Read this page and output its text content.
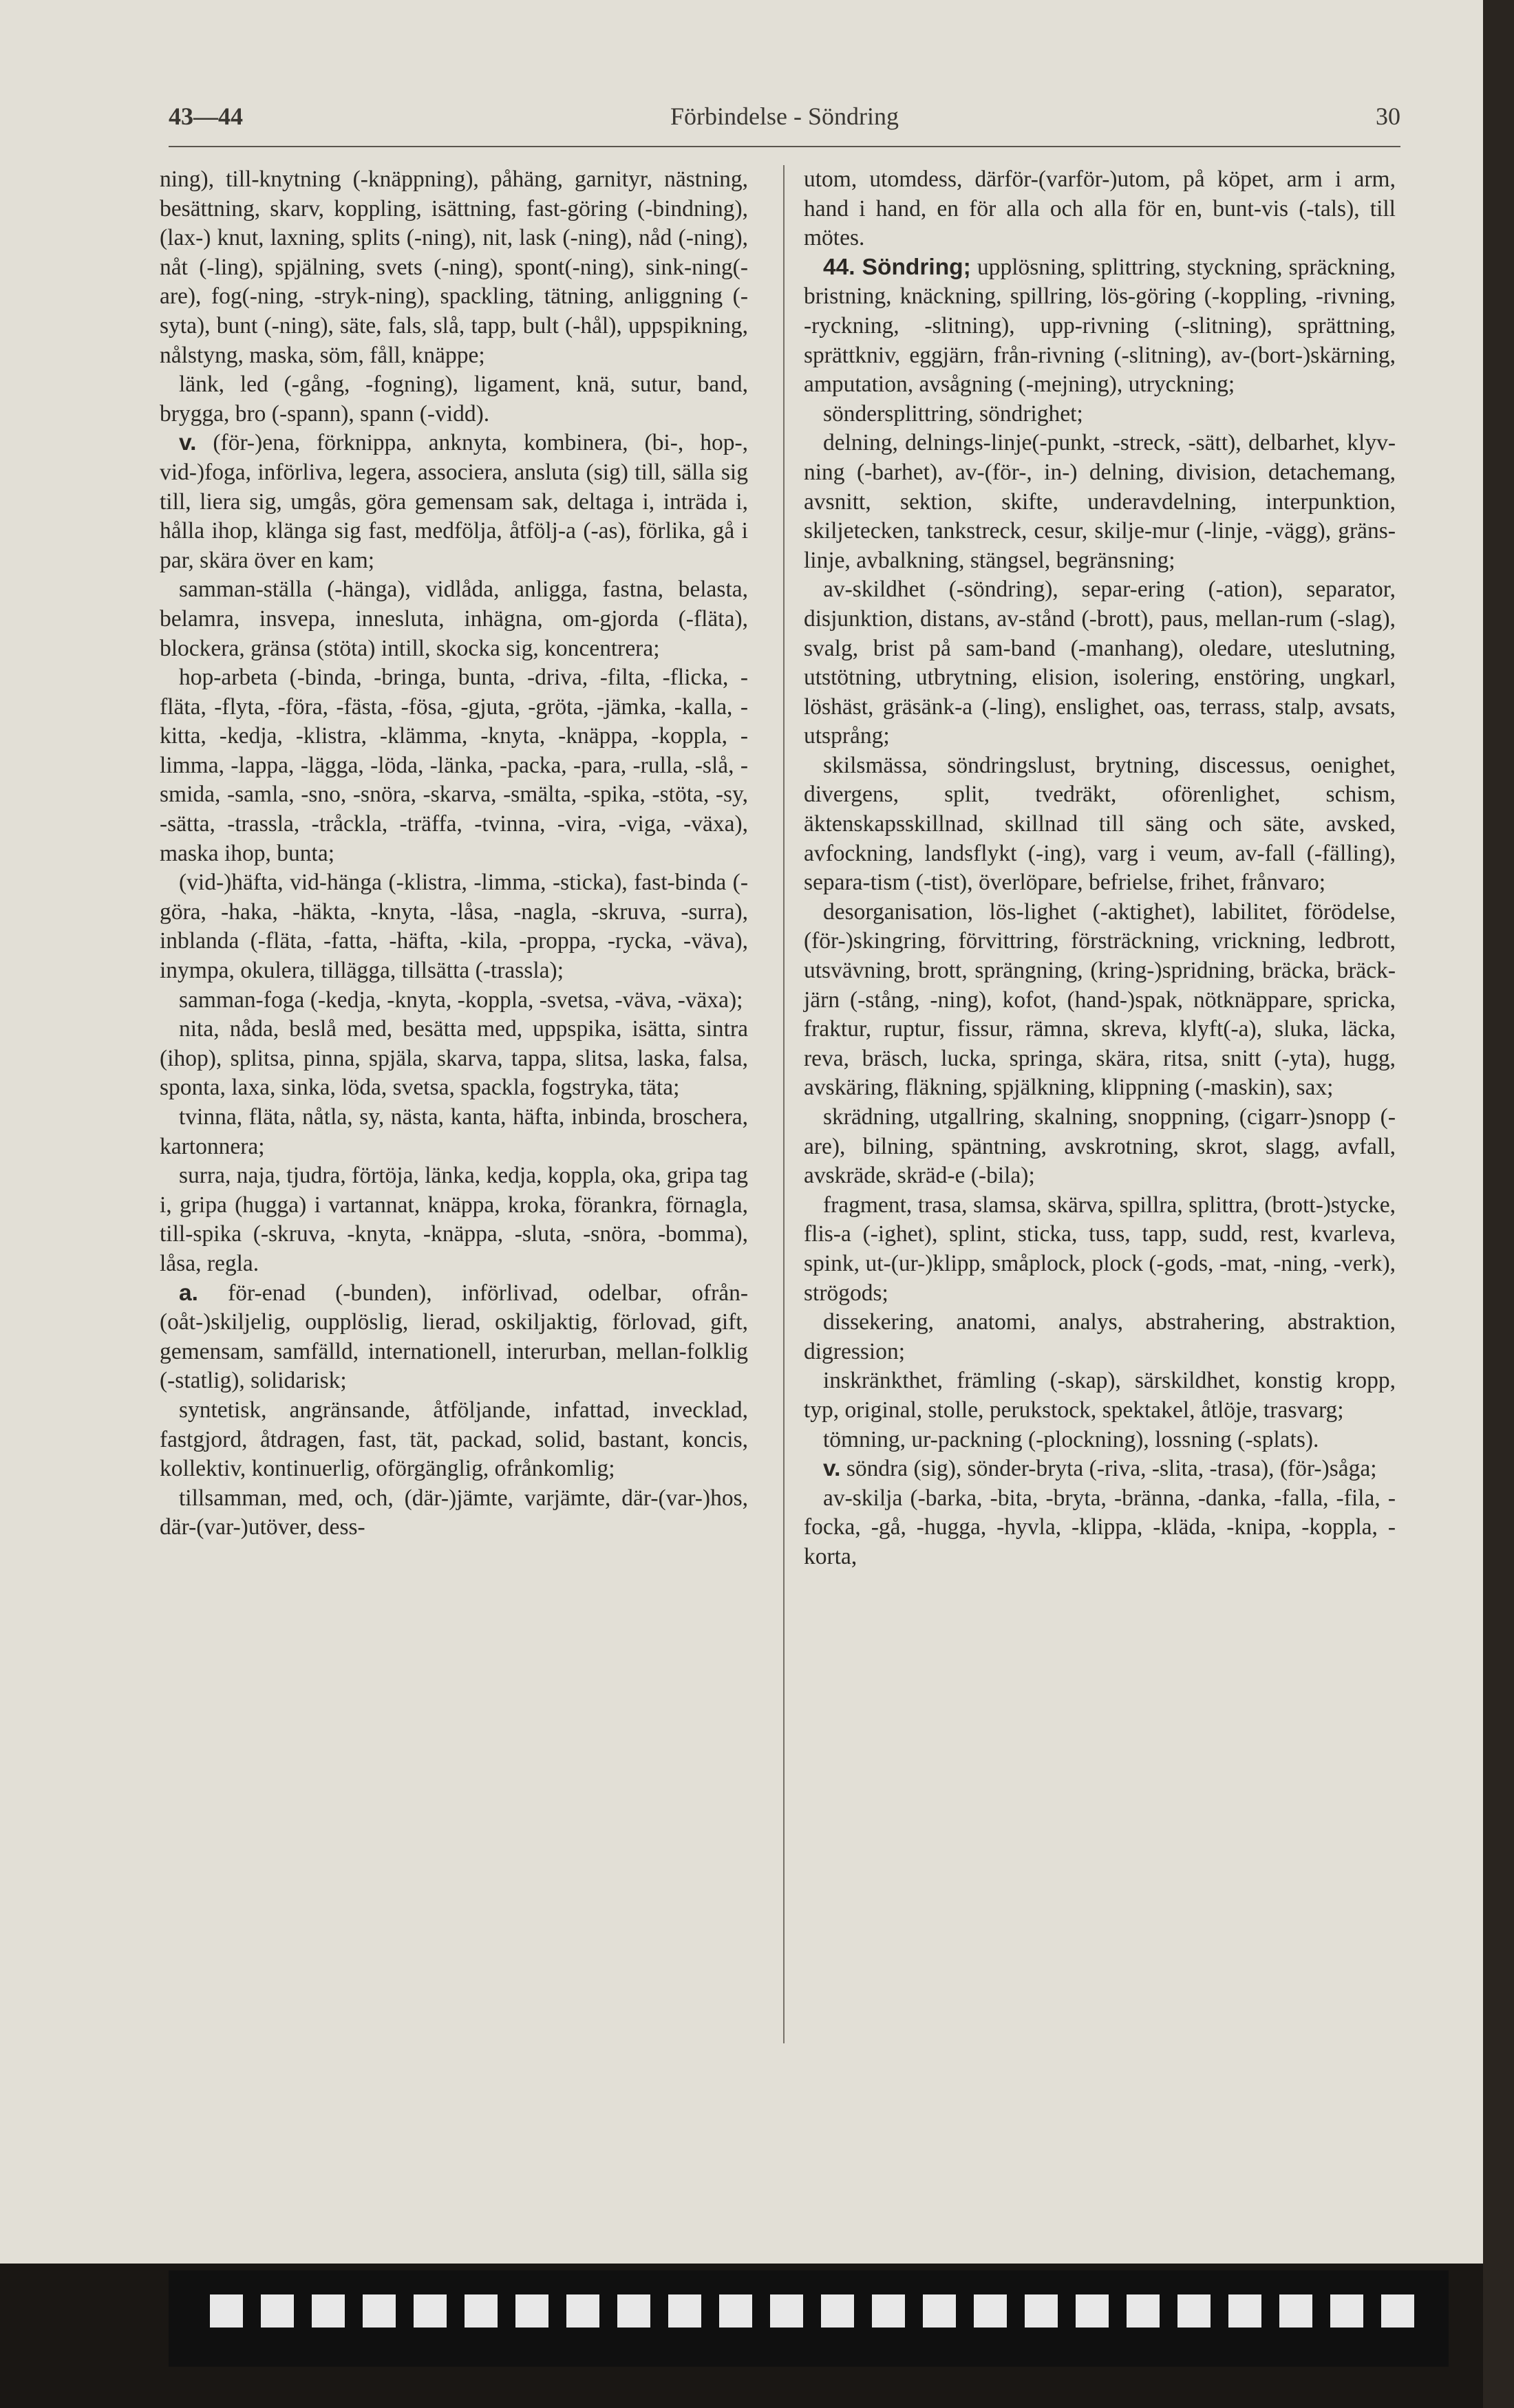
43—44	Förbindelse - Söndring	30

ning), till-knytning (-knäppning), påhäng, garnityr, nästning, besättning, skarv, koppling, isättning, fast-göring (-bindning), (lax-) knut, laxning, splits (-ning), nit, lask (-ning), nåd (-ning), nåt (-ling), spjälning, svets (-ning), spont(-ning), sink-ning(-are), fog(-ning, -stryk-ning), spackling, tätning, anliggning (-syta), bunt (-ning), säte, fals, slå, tapp, bult (-hål), uppspikning, nålstyng, maska, söm, fåll, knäppe;

länk, led (-gång, -fogning), ligament, knä, sutur, band, brygga, bro (-spann), spann (-vidd).

v. (för-)ena, förknippa, anknyta, kombinera, (bi-, hop-, vid-)foga, införliva, legera, associera, ansluta (sig) till, sälla sig till, liera sig, umgås, göra gemensam sak, deltaga i, inträda i, hålla ihop, klänga sig fast, medfölja, åtfölj-a (-as), förlika, gå i par, skära över en kam;

samman-ställa (-hänga), vidlåda, anligga, fastna, belasta, belamra, insvepa, innesluta, inhägna, om-gjorda (-fläta), blockera, gränsa (stöta) intill, skocka sig, koncentrera;

hop-arbeta (-binda, -bringa, bunta, -driva, -filta, -flicka, -fläta, -flyta, -föra, -fästa, -fösa, -gjuta, -gröta, -jämka, -kalla, -kitta, -kedja, -klistra, -klämma, -knyta, -knäppa, -koppla, -limma, -lappa, -lägga, -löda, -länka, -packa, -para, -rulla, -slå, -smida, -samla, -sno, -snöra, -skarva, -smälta, -spika, -stöta, -sy, -sätta, -trassla, -tråckla, -träffa, -tvinna, -vira, -viga, -växa), maska ihop, bunta;

(vid-)häfta, vid-hänga (-klistra, -limma, -sticka), fast-binda (-göra, -haka, -häkta, -knyta, -låsa, -nagla, -skruva, -surra), inblanda (-fläta, -fatta, -häfta, -kila, -proppa, -rycka, -väva), inympa, okulera, tillägga, tillsätta (-trassla);

samman-foga (-kedja, -knyta, -koppla, -svetsa, -väva, -växa);

nita, nåda, beslå med, besätta med, uppspika, isätta, sintra (ihop), splitsa, pinna, spjäla, skarva, tappa, slitsa, laska, falsa, sponta, laxa, sinka, löda, svetsa, spackla, fogstryka, täta;

tvinna, fläta, nåtla, sy, nästa, kanta, häfta, inbinda, broschera, kartonnera;

surra, naja, tjudra, förtöja, länka, kedja, koppla, oka, gripa tag i, gripa (hugga) i vartannat, knäppa, kroka, förankra, förnagla, till-spika (-skruva, -knyta, -knäppa, -sluta, -snöra, -bomma), låsa, regla.

a. för-enad (-bunden), införlivad, odelbar, ofrån-(oåt-)skiljelig, oupplöslig, lierad, oskiljaktig, förlovad, gift, gemensam, samfälld, internationell, interurban, mellan-folklig (-statlig), solidarisk;

syntetisk, angränsande, åtföljande, infattad, invecklad, fastgjord, åtdragen, fast, tät, packad, solid, bastant, koncis, kollektiv, kontinuerlig, oförgänglig, ofrånkomlig;

tillsamman, med, och, (där-)jämte, varjämte, där-(var-)hos, där-(var-)utöver, dess-

utom, utomdess, därför-(varför-)utom, på köpet, arm i arm, hand i hand, en för alla och alla för en, bunt-vis (-tals), till mötes.

44. Söndring; upplösning, splittring, styckning, spräckning, bristning, knäckning, spillring, lös-göring (-koppling, -rivning, -ryckning, -slitning), upp-rivning (-slitning), sprättning, sprättkniv, eggjärn, från-rivning (-slitning), av-(bort-)skärning, amputation, avsågning (-mejning), utryckning;

söndersplittring, söndrighet;

delning, delnings-linje(-punkt, -streck, -sätt), delbarhet, klyv-ning (-barhet), av-(för-, in-) delning, division, detachemang, avsnitt, sektion, skifte, underavdelning, interpunktion, skiljetecken, tankstreck, cesur, skilje-mur (-linje, -vägg), gräns-linje, avbalkning, stängsel, begränsning;

av-skildhet (-söndring), separ-ering (-ation), separator, disjunktion, distans, av-stånd (-brott), paus, mellan-rum (-slag), svalg, brist på sam-band (-manhang), oledare, uteslutning, utstötning, utbrytning, elision, isolering, enstöring, ungkarl, löshäst, gräsänk-a (-ling), enslighet, oas, terrass, stalp, avsats, utsprång;

skilsmässa, söndringslust, brytning, discessus, oenighet, divergens, split, tvedräkt, oförenlighet, schism, äktenskapsskillnad, skillnad till säng och säte, avsked, avfockning, landsflykt (-ing), varg i veum, av-fall (-fälling), separa-tism (-tist), överlöpare, befrielse, frihet, frånvaro;

desorganisation, lös-lighet (-aktighet), labilitet, förödelse, (för-)skingring, förvittring, försträckning, vrickning, ledbrott, utsvävning, brott, sprängning, (kring-)spridning, bräcka, bräck-järn (-stång, -ning), kofot, (hand-)spak, nötknäppare, spricka, fraktur, ruptur, fissur, rämna, skreva, klyft(-a), sluka, läcka, reva, bräsch, lucka, springa, skära, ritsa, snitt (-yta), hugg, avskäring, fläkning, spjälkning, klippning (-maskin), sax;

skrädning, utgallring, skalning, snoppning, (cigarr-)snopp (-are), bilning, späntning, avskrotning, skrot, slagg, avfall, avskräde, skräd-e (-bila);

fragment, trasa, slamsa, skärva, spillra, splittra, (brott-)stycke, flis-a (-ighet), splint, sticka, tuss, tapp, sudd, rest, kvarleva, spink, ut-(ur-)klipp, småplock, plock (-gods, -mat, -ning, -verk), strögods;

dissekering, anatomi, analys, abstrahering, abstraktion, digression;

inskränkthet, främling (-skap), särskildhet, konstig kropp, typ, original, stolle, perukstock, spektakel, åtlöje, trasvarg;

tömning, ur-packning (-plockning), lossning (-splats).

v. söndra (sig), sönder-bryta (-riva, -slita, -trasa), (för-)såga;

av-skilja (-barka, -bita, -bryta, -bränna, -danka, -falla, -fila, -focka, -gå, -hugga, -hyvla, -klippa, -kläda, -knipa, -koppla, -korta,
